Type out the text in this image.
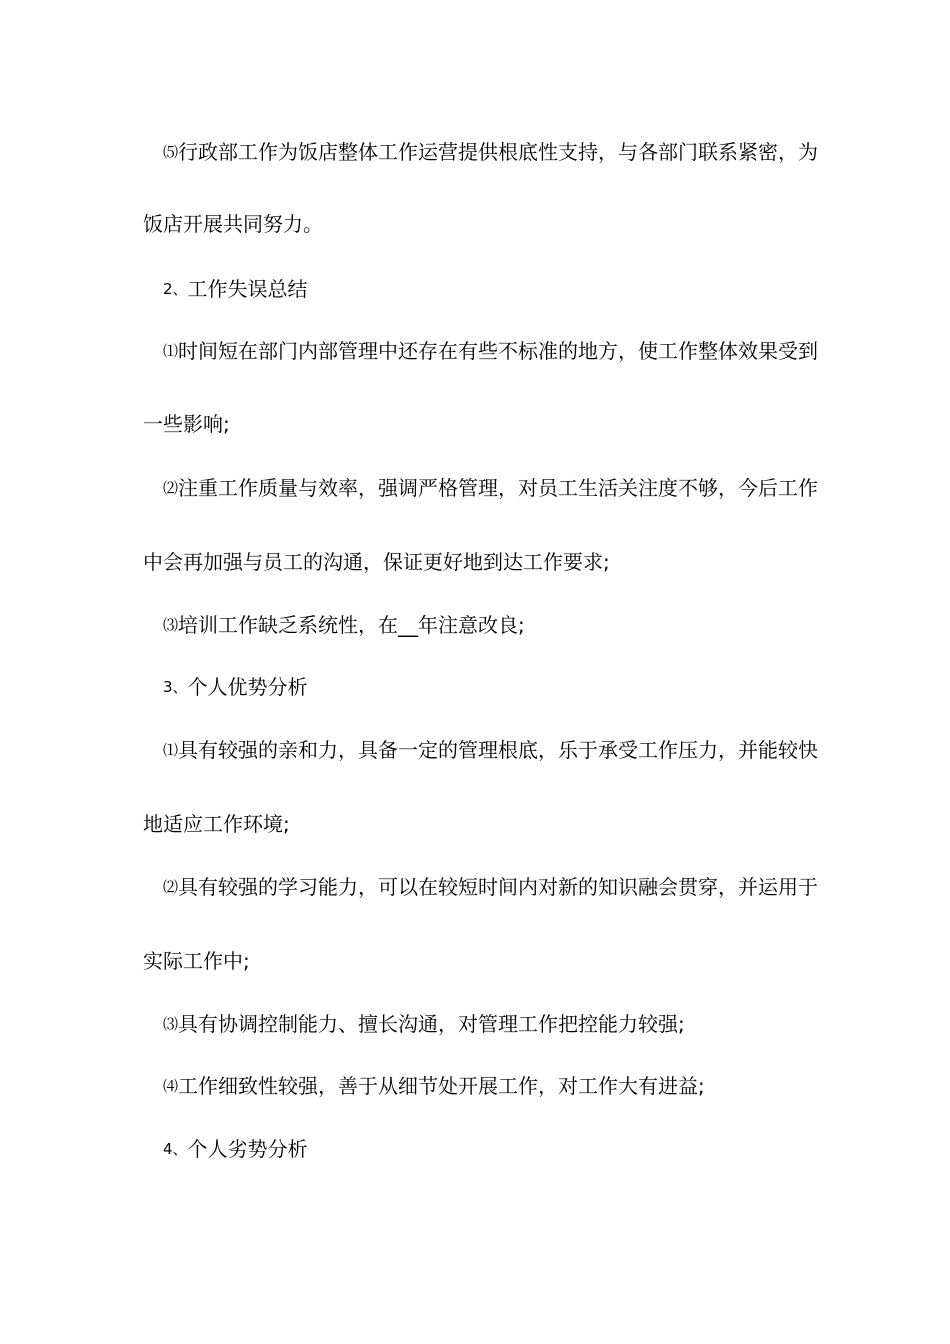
⑸行政部工作为饭店整体工作运营提供根底性支持，与各部门联系紧密，为
饭店开展共同努力。
2、工作失误总结
⑴时间短在部门内部管理中还存在有些不标准的地方，使工作整体效果受到
一些影响;
⑵注重工作质量与效率，强调严格管理，对员工生活关注度不够，今后工作
中会再加强与员工的沟通，保证更好地到达工作要求;
⑶培训工作缺乏系统性，在__年注意改良;
3、个人优势分析
⑴具有较强的亲和力，具备一定的管理根底，乐于承受工作压力，并能较快
地适应工作环境;
⑵具有较强的学习能力，可以在较短时间内对新的知识融会贯穿，并运用于
实际工作中;
⑶具有协调控制能力、擅长沟通，对管理工作把控能力较强;
⑷工作细致性较强，善于从细节处开展工作，对工作大有进益;
4、个人劣势分析
